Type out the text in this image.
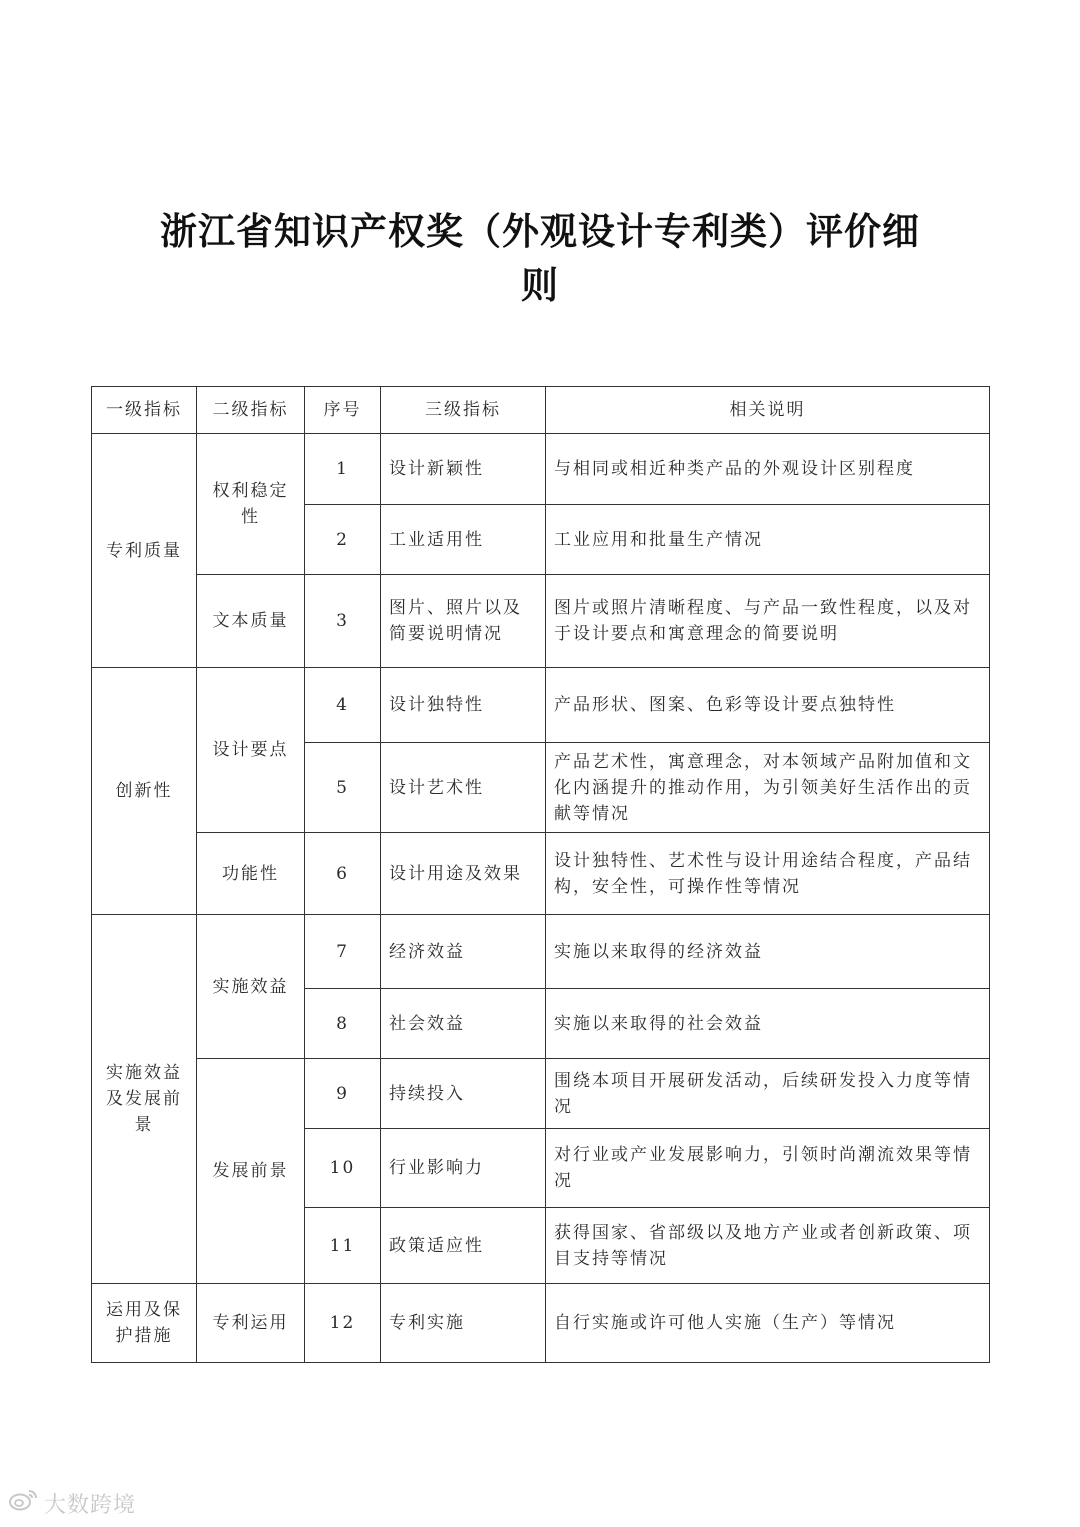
浙江省知识产权奖（外观设计专利类）评价细
则
一级指标	二级指标	序号	三级指标	相关说明
专利质量	权利稳定性	1	设计新颖性	与相同或相近种类产品的外观设计区别程度
		2	工业适用性	工业应用和批量生产情况
	文本质量	3	图片、照片以及简要说明情况	图片或照片清晰程度、与产品一致性程度，以及对于设计要点和寓意理念的简要说明
创新性	设计要点	4	设计独特性	产品形状、图案、色彩等设计要点独特性
		5	设计艺术性	产品艺术性，寓意理念，对本领域产品附加值和文化内涵提升的推动作用，为引领美好生活作出的贡献等情况
	功能性	6	设计用途及效果	设计独特性、艺术性与设计用途结合程度，产品结构，安全性，可操作性等情况
实施效益及发展前景	实施效益	7	经济效益	实施以来取得的经济效益
		8	社会效益	实施以来取得的社会效益
	发展前景	9	持续投入	围绕本项目开展研发活动，后续研发投入力度等情况
		10	行业影响力	对行业或产业发展影响力，引领时尚潮流效果等情况
		11	政策适应性	获得国家、省部级以及地方产业或者创新政策、项目支持等情况
运用及保护措施	专利运用	12	专利实施	自行实施或许可他人实施（生产）等情况
大数跨境
